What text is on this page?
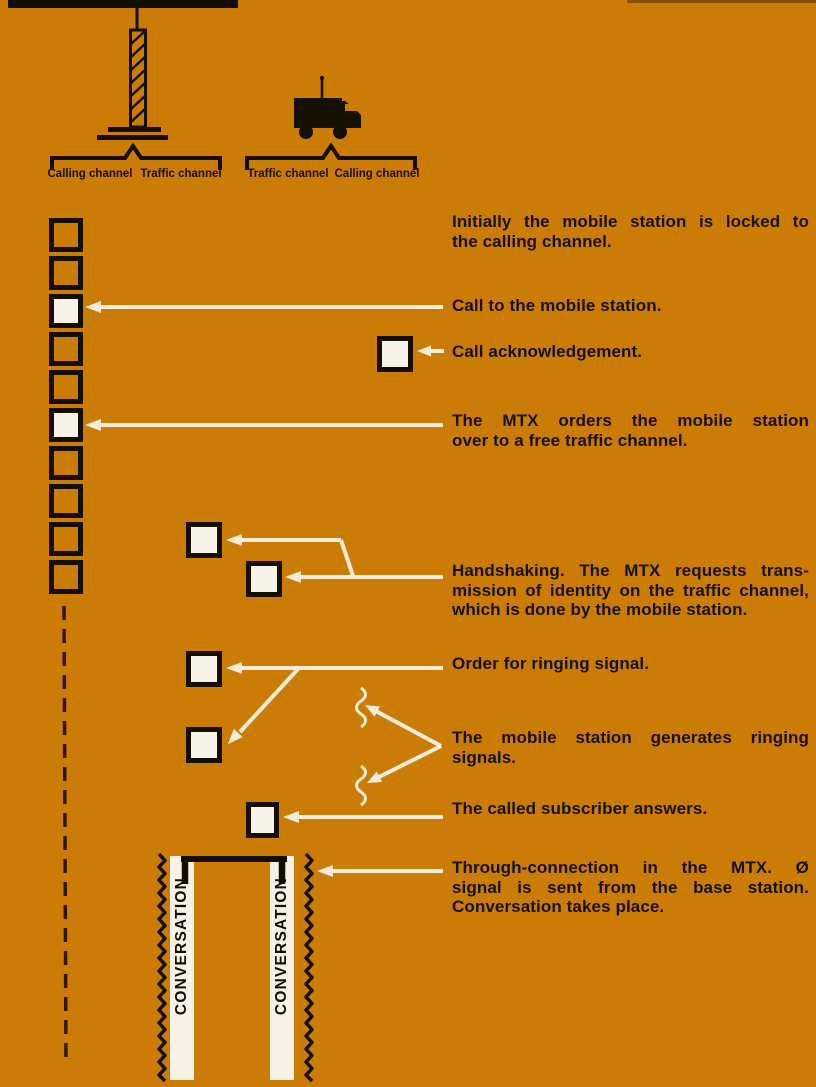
Calling channel Traffic channel	Traffic channel Calling channel
CONVERSATION	CONVERSATION
Initially the mobile station is locked to
the calling channel.
Call to the mobile station.
Call acknowledgement.
The MTX orders the mobile station
over to a free traffic channel.
Handshaking. The MTX requests trans-
mission of identity on the traffic channel,
which is done by the mobile station.
Order for ringing signal.
The mobile station generates ringing
signals.
The called subscriber answers.
Through-connection in the MTX. Ø
signal is sent from the base station.
Conversation takes place.
